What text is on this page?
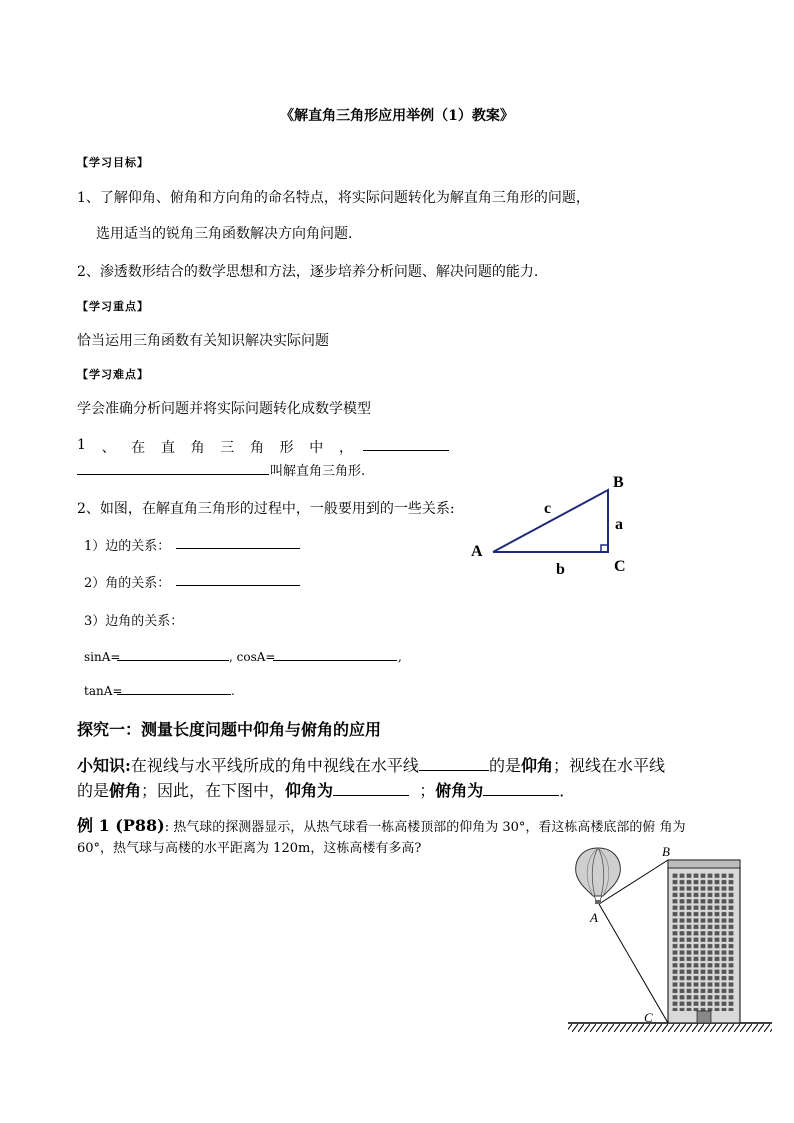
《解直角三角形应用举例（1）教案》
【学习目标】
1、了解仰角、俯角和方向角的命名特点，将实际问题转化为解直角三角形的问题，
选用适当的锐角三角函数解决方向角问题．
2、渗透数形结合的数学思想和方法，逐步培养分析问题、解决问题的能力.
【学习重点】
恰当运用三角函数有关知识解决实际问题
【学习难点】
学会准确分析问题并将实际问题转化成数学模型
1 、 在 直 角 三 角 形 中 ，
叫解直角三角形.
2、如图，在解直角三角形的过程中，一般要用到的一些关系:
1）边的关系：
2）角的关系：
3）边角的关系：
sinA=	, cosA=	,
tanA=	.
B
A
C
c
a
b
探究一：测量长度问题中仰角与俯角的应用
小知识:在视线与水平线所成的角中视线在水平线	的是仰角；视线在水平线
的是俯角；因此，在下图中，仰角为	；俯角为	．
例 1 (P88): 热气球的探测器显示，从热气球看一栋高楼顶部的仰角为 30°，看这栋高楼底部的俯 角为
60°，热气球与高楼的水平距离为 120m，这栋高楼有多高?	B
A
C
